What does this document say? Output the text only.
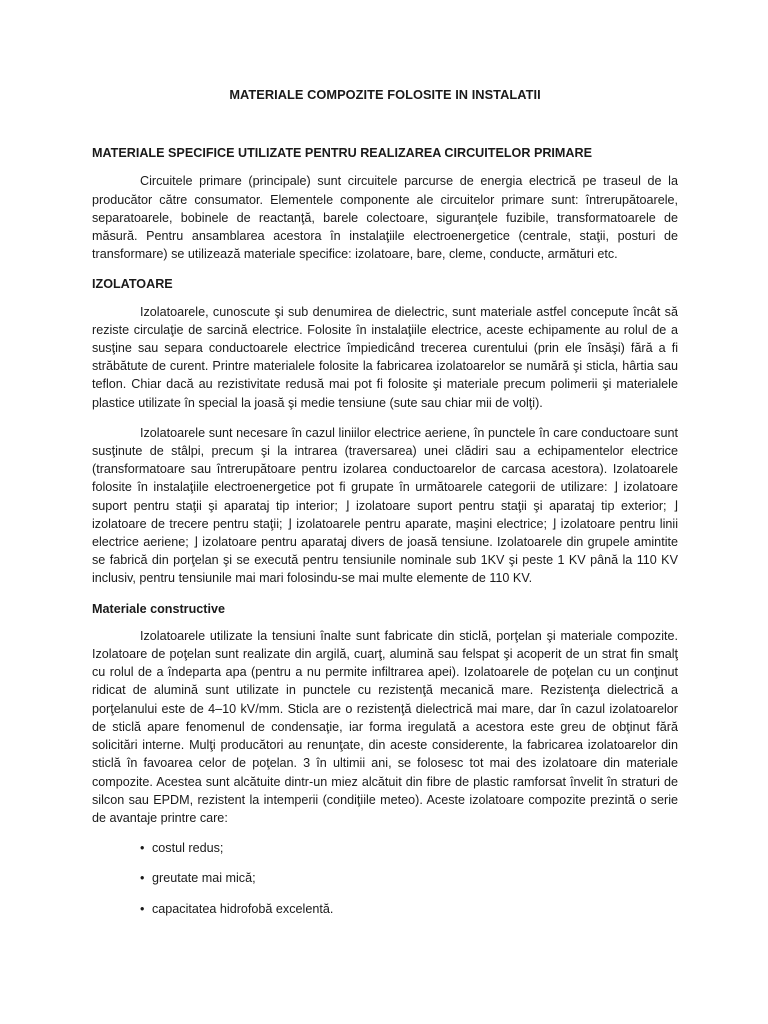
MATERIALE COMPOZITE FOLOSITE IN INSTALATII
MATERIALE SPECIFICE UTILIZATE PENTRU REALIZAREA CIRCUITELOR PRIMARE

Circuitele primare (principale) sunt circuitele parcurse de energia electrică pe traseul de la producător către consumator. Elementele componente ale circuitelor primare sunt: întrerupătoarele, separatoarele, bobinele de reactanţă, barele colectoare, siguranţele fuzibile, transformatoarele de măsură. Pentru ansamblarea acestora în instalaţiile electroenergetice (centrale, staţii, posturi de transformare) se utilizează materiale specifice: izolatoare, bare, cleme, conducte, armături etc.

IZOLATOARE

Izolatoarele, cunoscute şi sub denumirea de dielectric, sunt materiale astfel concepute încât să reziste circulaţie de sarcină electrice. Folosite în instalaţiile electrice, aceste echipamente au rolul de a susţine sau separa conductoarele electrice împiedicând trecerea curentului (prin ele însăşi) fără a fi străbătute de curent. Printre materialele folosite la fabricarea izolatoarelor se numără şi sticla, hârtia sau teflon. Chiar dacă au rezistivitate redusă mai pot fi folosite şi materiale precum polimerii şi materialele plastice utilizate în special la joasă şi medie tensiune (sute sau chiar mii de volţi).

Izolatoarele sunt necesare în cazul liniilor electrice aeriene, în punctele în care conductoare sunt susţinute de stâlpi, precum şi la intrarea (traversarea) unei clădiri sau a echipamentelor electrice (transformatoare sau întrerupătoare pentru izolarea conductoarelor de carcasa acestora). Izolatoarele folosite în instalaţiile electroenergetice pot fi grupate în următoarele categorii de utilizare: ⌋ izolatoare suport pentru staţii şi aparataj tip interior; ⌋ izolatoare suport pentru staţii şi aparataj tip exterior; ⌋ izolatoare de trecere pentru staţii; ⌋ izolatoarele pentru aparate, maşini electrice; ⌋ izolatoare pentru linii electrice aeriene; ⌋ izolatoare pentru aparataj divers de joasă tensiune. Izolatoarele din grupele amintite se fabrică din porţelan şi se execută pentru tensiunile nominale sub 1KV şi peste 1 KV până la 110 KV inclusiv, pentru tensiunile mai mari folosindu-se mai multe elemente de 110 KV.

Materiale constructive

Izolatoarele utilizate la tensiuni înalte sunt fabricate din sticlă, porţelan şi materiale compozite. Izolatoare de poţelan sunt realizate din argilă, cuarţ, alumină sau felspat şi acoperit de un strat fin smalţ cu rolul de a îndeparta apa (pentru a nu permite infiltrarea apei). Izolatoarele de poţelan cu un conţinut ridicat de alumină sunt utilizate in punctele cu rezistenţă mecanică mare. Rezistenţa dielectrică a porţelanului este de 4–10 kV/mm. Sticla are o rezistenţă dielectrică mai mare, dar în cazul izolatoarelor de sticlă apare fenomenul de condensaţie, iar forma iregulată a acestora este greu de obţinut fără solicitări interne. Mulţi producători au renunţate, din aceste considerente, la fabricarea izolatoarelor din sticlă în favoarea celor de poţelan. 3 în ultimii ani, se folosesc tot mai des izolatoare din materiale compozite. Acestea sunt alcătuite dintr-un miez alcătuit din fibre de plastic ramforsat învelit în straturi de silcon sau EPDM, rezistent la intemperii (condiţiile meteo). Aceste izolatoare compozite prezintă o serie de avantaje printre care:

• costul redus;
• greutate mai mică;
• capacitatea hidrofobă excelentă.
